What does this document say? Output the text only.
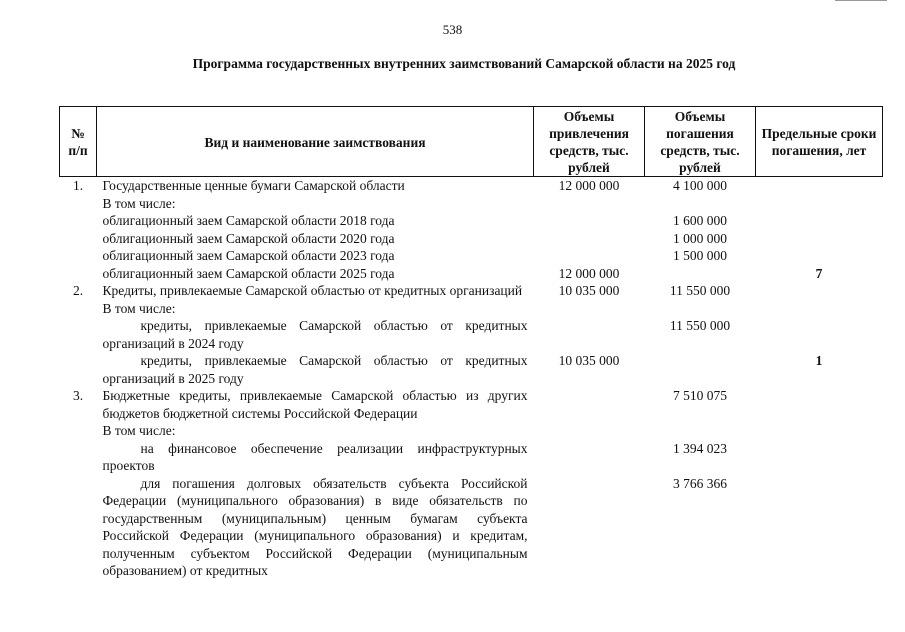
538
Программа государственных внутренних заимствований Самарской области на 2025 год
№ п/п	Вид и наименование заимствования	Объемы привлечения средств, тыс. рублей	Объемы погашения средств, тыс. рублей	Предельные сроки погашения, лет
1.	Государственные ценные бумаги Самарской области	12 000 000	4 100 000	
	В том числе:			
	облигационный заем Самарской области 2018 года		1 600 000	
	облигационный заем Самарской области 2020 года		1 000 000	
	облигационный заем Самарской области 2023 года		1 500 000	
	облигационный заем Самарской области 2025 года	12 000 000		7
2.	Кредиты, привлекаемые Самарской областью от кредитных организаций	10 035 000	11 550 000	
	В том числе:			
	кредиты, привлекаемые Самарской областью от кредитных организаций в 2024 году		11 550 000	
	кредиты, привлекаемые Самарской областью от кредитных организаций в 2025 году	10 035 000		1
3.	Бюджетные кредиты, привлекаемые Самарской областью из других бюджетов бюджетной системы Российской Федерации		7 510 075	
	В том числе:			
	на финансовое обеспечение реализации инфраструктурных проектов		1 394 023	
	для погашения долговых обязательств субъекта Российской Федерации (муниципального образования) в виде обязательств по государственным (муниципальным) ценным бумагам субъекта Российской Федерации (муниципального образования) и кредитам, полученным субъектом Российской Федерации (муниципальным образованием) от кредитных		3 766 366	
